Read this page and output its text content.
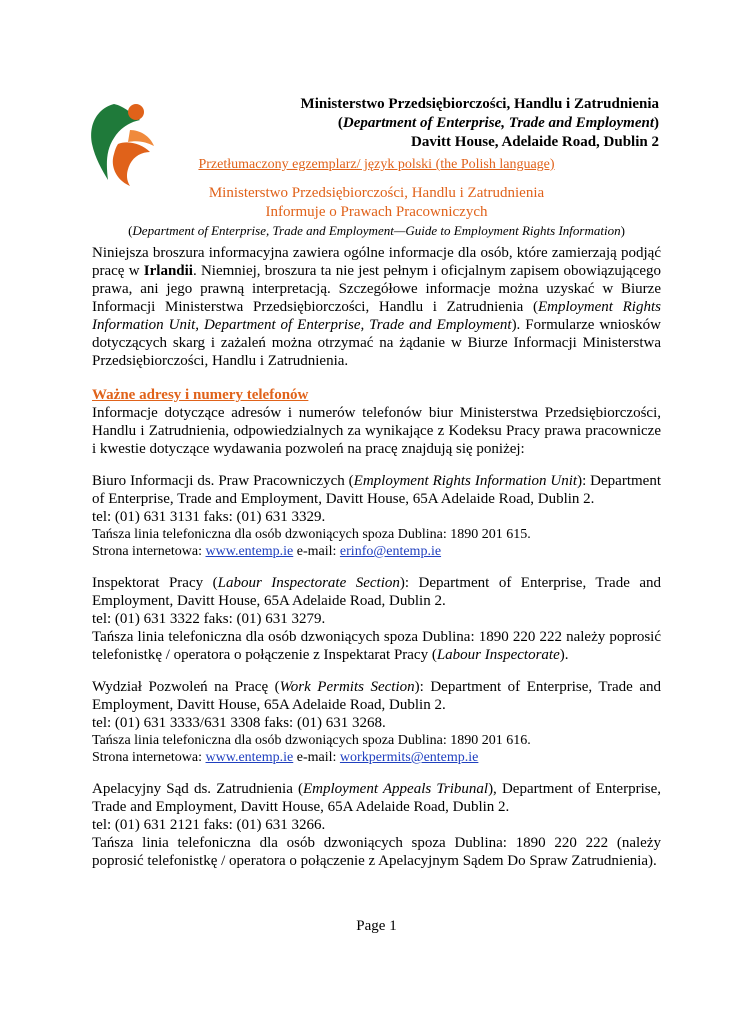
Ministerstwo Przedsiębiorczości, Handlu i Zatrudnienia
(Department of Enterprise, Trade and Employment)
Davitt House, Adelaide Road, Dublin 2
Przetłumaczony egzemplarz/ język polski (the Polish language)
Ministerstwo Przedsiębiorczości, Handlu i Zatrudnienia
Informuje o Prawach Pracowniczych
(Department of Enterprise, Trade and Employment—Guide to Employment Rights Information)

Niniejsza broszura informacyjna zawiera ogólne informacje dla osób, które zamierzają podjąć pracę w Irlandii. Niemniej, broszura ta nie jest pełnym i oficjalnym zapisem obowiązującego prawa, ani jego prawną interpretacją. Szczegółowe informacje można uzyskać w Biurze Informacji Ministerstwa Przedsiębiorczości, Handlu i Zatrudnienia (Employment Rights Information Unit, Department of Enterprise, Trade and Employment). Formularze wniosków dotyczących skarg i zażaleń można otrzymać na żądanie w Biurze Informacji Ministerstwa Przedsiębiorczości, Handlu i Zatrudnienia.

Ważne adresy i numery telefonów

Informacje dotyczące adresów i numerów telefonów biur Ministerstwa Przedsiębiorczości, Handlu i Zatrudnienia, odpowiedzialnych za wynikające z Kodeksu Pracy prawa pracownicze i kwestie dotyczące wydawania pozwoleń na pracę znajdują się poniżej:

Biuro Informacji ds. Praw Pracowniczych (Employment Rights Information Unit): Department of Enterprise, Trade and Employment, Davitt House, 65A Adelaide Road, Dublin 2.

tel: (01) 631 3131 faks: (01) 631 3329.

Tańsza linia telefoniczna dla osób dzwoniących spoza Dublina: 1890 201 615.

Strona internetowa: www.entemp.ie e-mail: erinfo@entemp.ie

Inspektorat Pracy (Labour Inspectorate Section): Department of Enterprise, Trade and Employment, Davitt House, 65A Adelaide Road, Dublin 2.

tel: (01) 631 3322 faks: (01) 631 3279.

Tańsza linia telefoniczna dla osób dzwoniących spoza Dublina: 1890 220 222 należy poprosić telefonistkę / operatora o połączenie z Inspektarat Pracy (Labour Inspectorate).

Wydział Pozwoleń na Pracę (Work Permits Section): Department of Enterprise, Trade and Employment, Davitt House, 65A Adelaide Road, Dublin 2.

tel: (01) 631 3333/631 3308 faks: (01) 631 3268.

Tańsza linia telefoniczna dla osób dzwoniących spoza Dublina: 1890 201 616.

Strona internetowa: www.entemp.ie e-mail: workpermits@entemp.ie

Apelacyjny Sąd ds. Zatrudnienia (Employment Appeals Tribunal), Department of Enterprise, Trade and Employment, Davitt House, 65A Adelaide Road, Dublin 2.

tel: (01) 631 2121 faks: (01) 631 3266.

Tańsza linia telefoniczna dla osób dzwoniących spoza Dublina: 1890 220 222 (należy poprosić telefonistkę / operatora o połączenie z Apelacyjnym Sądem Do Spraw Zatrudnienia).

Page 1
